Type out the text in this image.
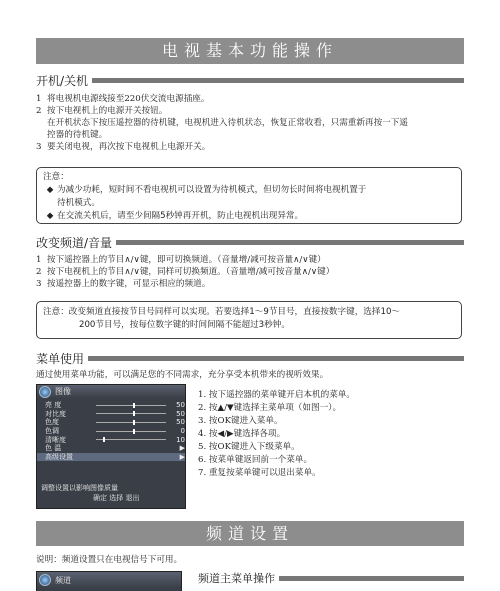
电视基本功能操作
开机/关机
1 将电视机电源线接至220伏交流电源插座。
2 按下电视机上的电源开关按钮。
在开机状态下按压遥控器的待机键，电视机进入待机状态，恢复正常收看，只需重新再按一下遥
控器的待机键。
3 要关闭电视，再次按下电视机上电源开关。
注意：
◆ 为减少功耗，短时间不看电视机可以设置为待机模式，但切勿长时间将电视机置于
待机模式。
◆ 在交流关机后，请至少间隔5秒钟再开机，防止电视机出现异常。
改变频道/音量
1 按下遥控器上的节目∧/∨键，即可切换频道。（音量增/减可按音量∧/∨键）
2 按下电视机上的节目∧/∨键，同样可切换频道。（音量增/减可按音量∧/∨键）
3 按遥控器上的数字键，可显示相应的频道。
注意：改变频道直接按节目号同样可以实现。若要选择1～9节目号，直接按数字键，选择10～
200节目号，按每位数字键的时间间隔不能超过3秒钟。
菜单使用
通过使用菜单功能，可以满足您的不同需求，充分享受本机带来的视听效果。
图像
亮 度	50
对比度	50
色度	50
色调	0
清晰度	10
色 温	▶
高级设置	▶
调整设置以影响图像质量
确定 选择 退出
1. 按下遥控器的菜单键开启本机的菜单。
2. 按▲/▼键选择主菜单项（如图一）。
3. 按OK键进入菜单。
4. 按◀/▶键选择各项。
5. 按OK键进入下级菜单。
6. 按菜单键返回前一个菜单。
7. 重复按菜单键可以退出菜单。
频道设置
说明：频道设置只在电视信号下可用。
频道	频道主菜单操作
